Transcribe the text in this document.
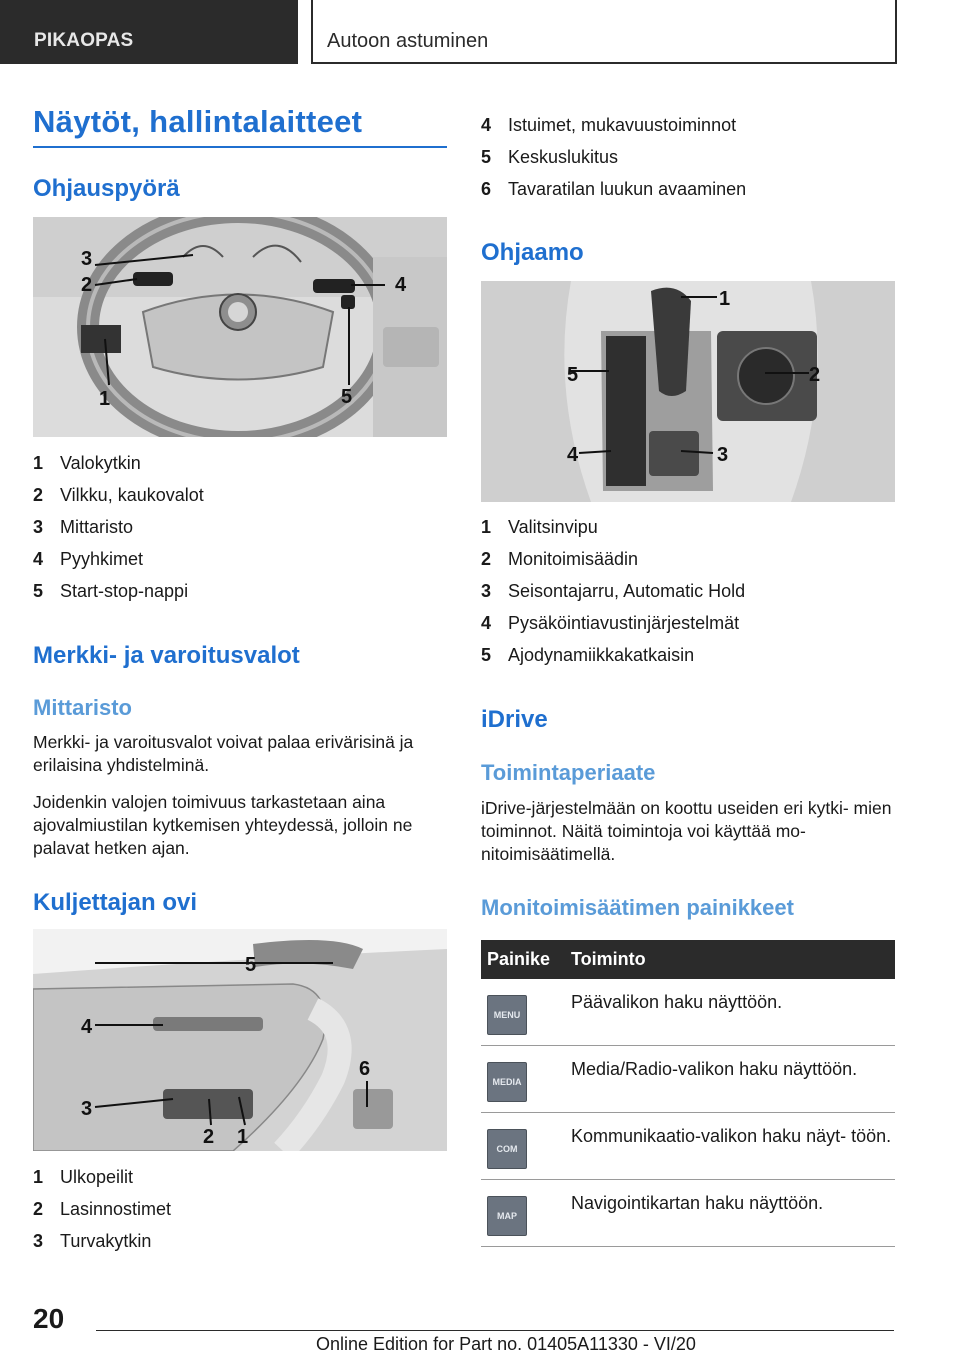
PIKAOPAS	Autoon astuminen
Näytöt, hallintalaitteet
Ohjauspyörä
3
2	4
1	5
1 Valokytkin
2 Vilkku, kaukovalot
3 Mittaristo
4 Pyyhkimet
5 Start-stop-nappi
Merkki- ja varoitusvalot
Mittaristo
Merkki- ja varoitusvalot voivat palaa erivärisinä ja erilaisina yhdistelminä.
Joidenkin valojen toimivuus tarkastetaan aina ajovalmiustilan kytkemisen yhteydessä, jolloin ne palavat hetken ajan.
Kuljettajan ovi
5
4
6
3
2 1
1 Ulkopeilit
2 Lasinnostimet
3 Turvakytkin
4 Istuimet, mukavuustoiminnot
5 Keskuslukitus
6 Tavaratilan luukun avaaminen
Ohjaamo
1
5	2
4	3
1 Valitsinvipu
2 Monitoimisäädin
3 Seisontajarru, Automatic Hold
4 Pysäköintiavustinjärjestelmät
5 Ajodynamiikkakatkaisin
iDrive
Toimintaperiaate
iDrive-järjestelmään on koottu useiden eri kytki- mien toiminnot. Näitä toimintoja voi käyttää mo- nitoimisäätimellä.
Monitoimisäätimen painikkeet
Painike	Toiminto

MENU	Päävalikon haku näyttöön.

MEDIA	Media/Radio-valikon haku näyttöön.

COM	Kommunikaatio-valikon haku näyt- töön.

MAP	Navigointikartan haku näyttöön.
20
Online Edition for Part no. 01405A11330 - VI/20
